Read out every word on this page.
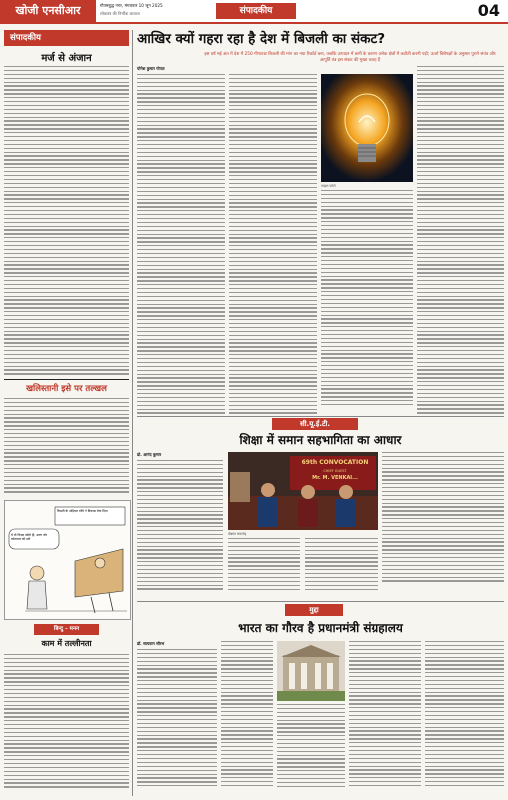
खोजी एनसीआर	गौतमबुद्ध नगर, मंगलवार 10 जून 2025
लोकतंत्र की निर्भीक आवाज	संपादकीय	04
संपादकीय
मर्ज से अंजान
खलिस्तानी इसे पर तल्खल
विपक्षी के अड़ियल रवैये ने विकास रोक दिया
ये तो विपक्ष खोले ही, उल्टा चोर कोतवाल को डांटे
बिन्दु – मनन
काम में तल्लीनता
आखिर क्यों गहरा रहा है देश में बिजली का संकट?
इस वर्ष मई अंत में देश में 250 गीगावाट बिजली की मांग का नया रिकॉर्ड बना, जबकि उत्पादन में कमी के कारण अनेक क्षेत्रों में कटौती करनी पड़ी; ऊर्जा विशेषज्ञों के अनुसार पुराने संयंत्र और आपूर्ति तंत्र इस संकट की मुख्य वजह हैं
योगेश कुमार गोयल
फाइल फोटो
सी.यू.ई.टी.
शिक्षा में समान सहभागिता का आधार
प्रो. आनंद कुमार
69th CONVOCATION
CHIEF GUEST
Mr. M. VENKAI...
दीक्षांत समारोह
मुद्दा
भारत का गौरव है प्रधानमंत्री संग्रहालय
डॉ. सत्यवान सौरभ
